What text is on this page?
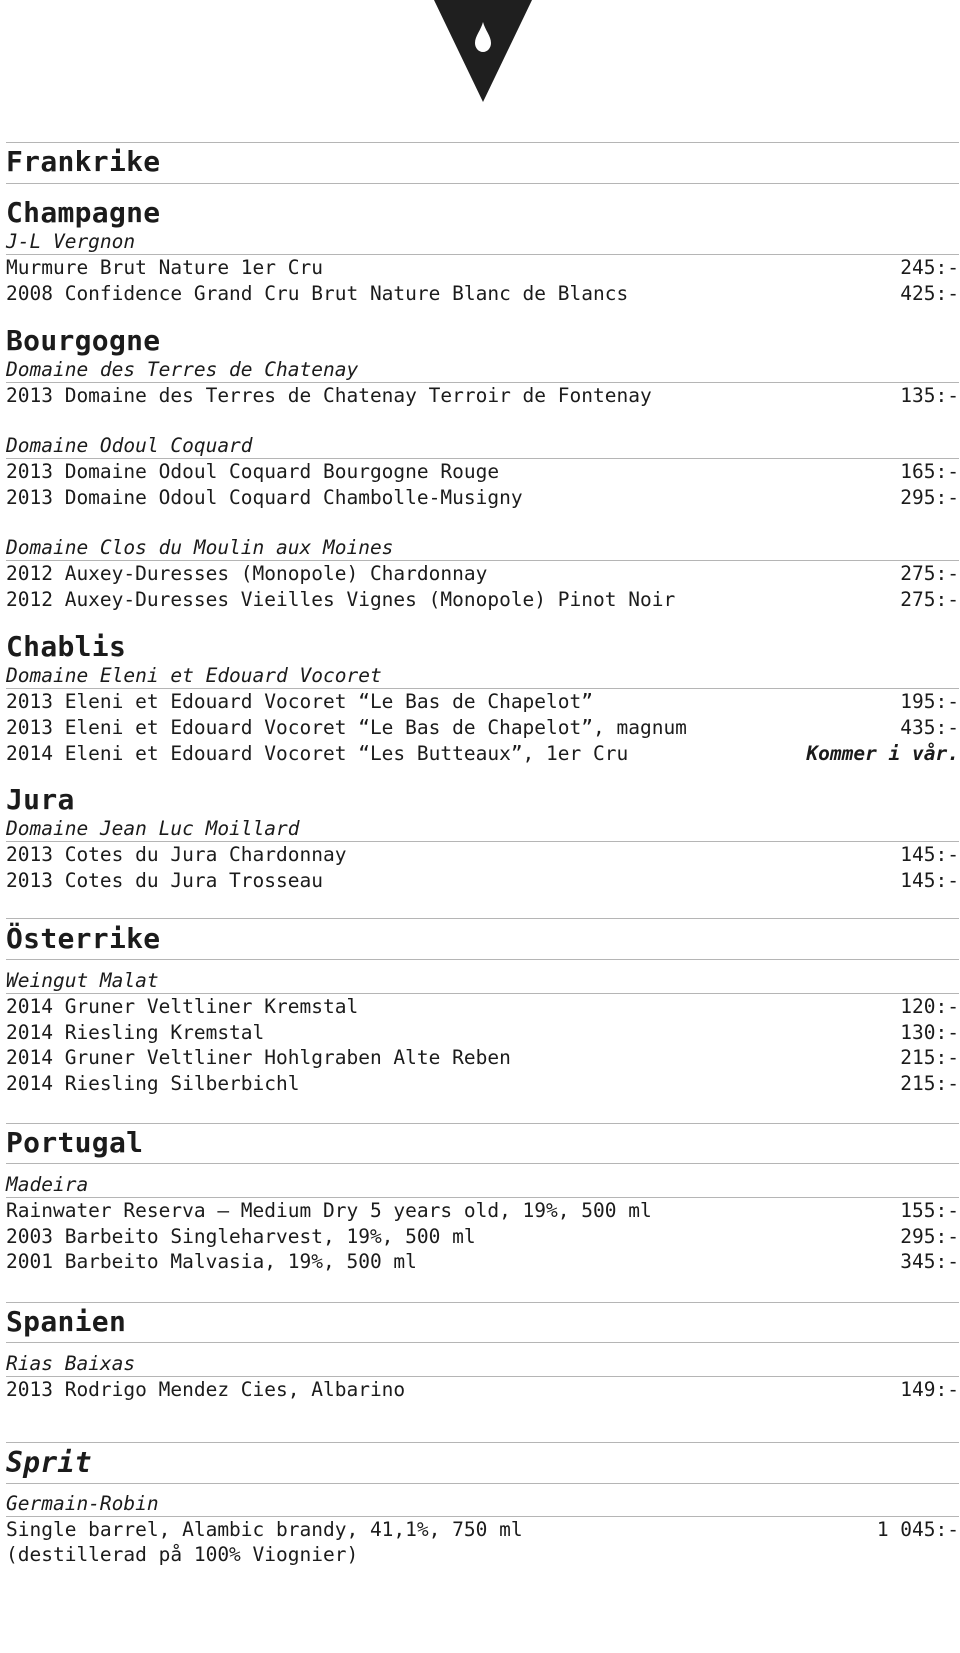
Frankrike
Champagne
J-L Vergnon
Murmure Brut Nature 1er Cru	245:-
2008 Confidence Grand Cru Brut Nature Blanc de Blancs	425:-
Bourgogne
Domaine des Terres de Chatenay
2013 Domaine des Terres de Chatenay Terroir de Fontenay	135:-
Domaine Odoul Coquard
2013 Domaine Odoul Coquard Bourgogne Rouge	165:-
2013 Domaine Odoul Coquard Chambolle-Musigny	295:-
Domaine Clos du Moulin aux Moines
2012 Auxey-Duresses (Monopole) Chardonnay	275:-
2012 Auxey-Duresses Vieilles Vignes (Monopole) Pinot Noir	275:-
Chablis
Domaine Eleni et Edouard Vocoret
2013 Eleni et Edouard Vocoret “Le Bas de Chapelot”	195:-
2013 Eleni et Edouard Vocoret “Le Bas de Chapelot”, magnum	435:-
2014 Eleni et Edouard Vocoret “Les Butteaux”, 1er Cru	Kommer i vår.
Jura
Domaine Jean Luc Moillard
2013 Cotes du Jura Chardonnay	145:-
2013 Cotes du Jura Trosseau	145:-
Österrike
Weingut Malat
2014 Gruner Veltliner Kremstal	120:-
2014 Riesling Kremstal	130:-
2014 Gruner Veltliner Hohlgraben Alte Reben	215:-
2014 Riesling Silberbichl	215:-
Portugal
Madeira
Rainwater Reserva – Medium Dry 5 years old, 19%, 500 ml	155:-
2003 Barbeito Singleharvest, 19%, 500 ml	295:-
2001 Barbeito Malvasia, 19%, 500 ml	345:-
Spanien
Rias Baixas
2013 Rodrigo Mendez Cies, Albarino	149:-
Sprit
Germain-Robin
Single barrel, Alambic brandy, 41,1%, 750 ml	1 045:-
(destillerad på 100% Viognier)
